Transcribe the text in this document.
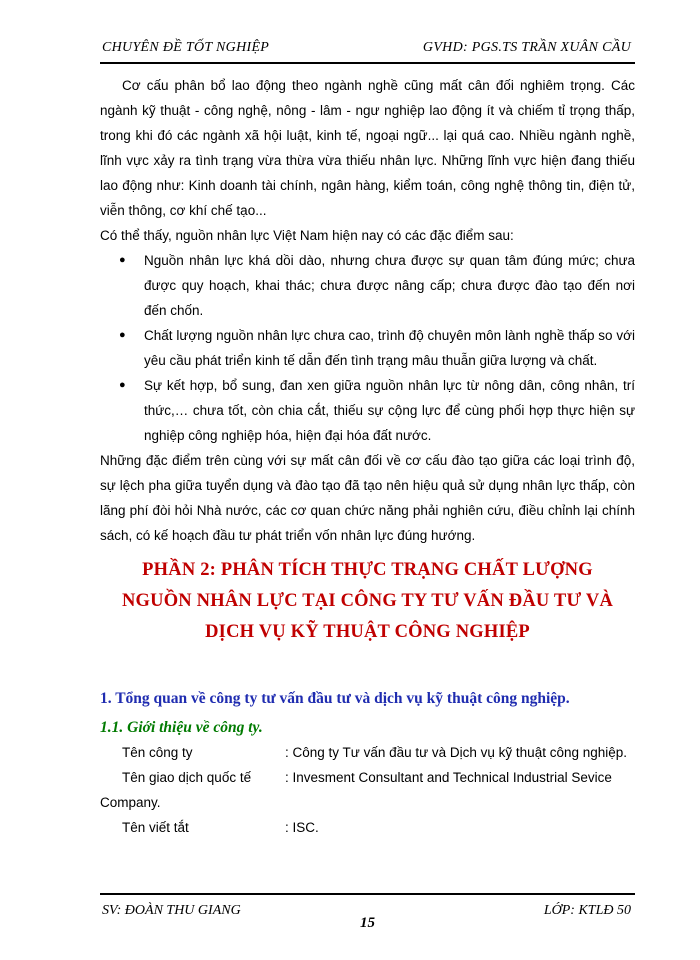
CHUYÊN ĐỀ TỐT NGHIỆP	GVHD: PGS.TS TRẦN XUÂN CẦU

Cơ cấu phân bổ lao động theo ngành nghề cũng mất cân đối nghiêm trọng. Các ngành kỹ thuật - công nghệ, nông - lâm - ngư nghiệp lao động ít và chiếm tỉ trọng thấp, trong khi đó các ngành xã hội luật, kinh tế, ngoại ngữ... lại quá cao. Nhiều ngành nghề, lĩnh vực xảy ra tình trạng vừa thừa vừa thiếu nhân lực. Những lĩnh vực hiện đang thiếu lao động như: Kinh doanh tài chính, ngân hàng, kiểm toán, công nghệ thông tin, điện tử, viễn thông, cơ khí chế tạo...

Có thể thấy, nguồn nhân lực Việt Nam hiện nay có các đặc điểm sau:

● Nguồn nhân lực khá dồi dào, nhưng chưa được sự quan tâm đúng mức; chưa được quy hoạch, khai thác; chưa được nâng cấp; chưa được đào tạo đến nơi đến chốn.
● Chất lượng nguồn nhân lực chưa cao, trình độ chuyên môn lành nghề thấp so với yêu cầu phát triển kinh tế dẫn đến tình trạng mâu thuẫn giữa lượng và chất.
● Sự kết hợp, bổ sung, đan xen giữa nguồn nhân lực từ nông dân, công nhân, trí thức,… chưa tốt, còn chia cắt, thiếu sự cộng lực để cùng phối hợp thực hiện sự nghiệp công nghiệp hóa, hiện đại hóa đất nước.

Những đặc điểm trên cùng với sự mất cân đối về cơ cấu đào tạo giữa các loại trình độ, sự lệch pha giữa tuyển dụng và đào tạo đã tạo nên hiệu quả sử dụng nhân lực thấp, còn lãng phí đòi hỏi Nhà nước, các cơ quan chức năng phải nghiên cứu, điều chỉnh lại chính sách, có kế hoạch đầu tư phát triển vốn nhân lực đúng hướng.

PHẦN 2: PHÂN TÍCH THỰC TRẠNG CHẤT LƯỢNG
NGUỒN NHÂN LỰC TẠI CÔNG TY TƯ VẤN ĐẦU TƯ VÀ
DỊCH VỤ KỸ THUẬT CÔNG NGHIỆP
1. Tổng quan về công ty tư vấn đầu tư và dịch vụ kỹ thuật công nghiệp.
1.1. Giới thiệu về công ty.
Tên công ty	: Công ty Tư vấn đầu tư và Dịch vụ kỹ thuật công nghiệp.
Tên giao dịch quốc tế	: Invesment Consultant and Technical Industrial Sevice Company.
Tên viết tắt	: ISC.
SV: ĐOÀN THU GIANG
15
LỚP: KTLĐ 50
